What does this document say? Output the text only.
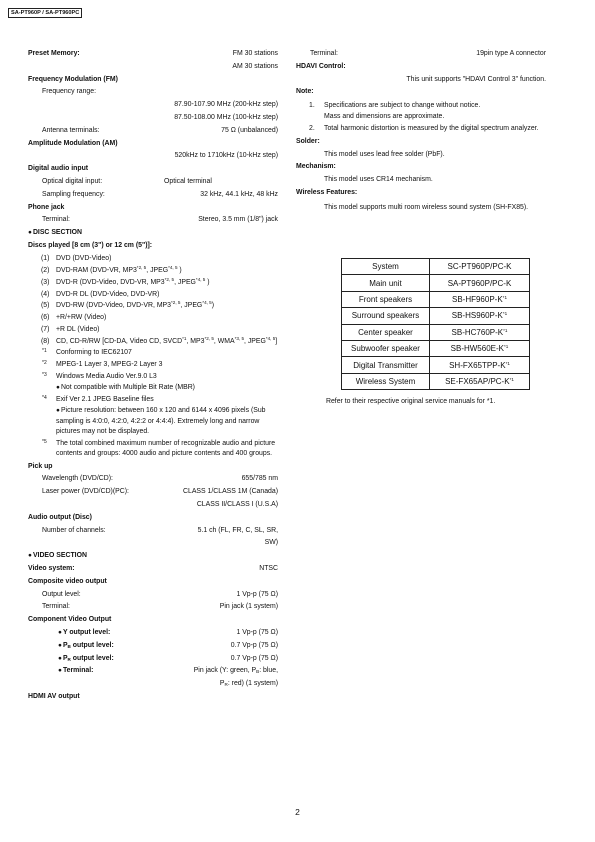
SA-PT960P / SA-PT960PC
Preset Memory:	FM 30 stations
AM 30 stations
Frequency Modulation (FM)
Frequency range:
87.90-107.90 MHz (200-kHz step)
87.50-108.00 MHz (100-kHz step)
Antenna terminals:	75 Ω (unbalanced)
Amplitude Modulation (AM)
520kHz to 1710kHz (10-kHz step)
Digital audio input
Optical digital input:	Optical terminal
Sampling frequency:	32 kHz, 44.1 kHz, 48 kHz
Phone jack
Terminal:	Stereo, 3.5 mm (1/8") jack
● DISC SECTION
Discs played [8 cm (3") or 12 cm (5")]:
(1) DVD (DVD-Video)
(2) DVD-RAM (DVD-VR, MP3$^{*2, 5}$, JPEG$^{*4, 5}$ )
(3) DVD-R (DVD-Video, DVD-VR, MP3$^{*2, 5}$, JPEG$^{*4, 5}$ )
(4) DVD-R DL (DVD-Video, DVD-VR)
(5) DVD-RW (DVD-Video, DVD-VR, MP3$^{*2, 5}$, JPEG$^{*4, 5}$)
(6) +R/+RW (Video)
(7) +R DL (Video)
(8) CD, CD-R/RW [CD-DA, Video CD, SVCD$^{*1}$, MP3$^{*2, 5}$, WMA$^{*3, 5}$, JPEG$^{*4, 5}$]
*1 Conforming to IEC62107
*2 MPEG-1 Layer 3, MPEG-2 Layer 3
*3 Windows Media Audio Ver.9.0 L3
● Not compatible with Multiple Bit Rate (MBR)
*4 Exif Ver 2.1 JPEG Baseline files
● Picture resolution: between 160 x 120 and 6144 x 4096 pixels (Sub sampling is 4:0:0, 4:2:0, 4:2:2 or 4:4:4). Extremely long and narrow pictures may not be displayed.
*5 The total combined maximum number of recognizable audio and picture contents and groups: 4000 audio and picture contents and 400 groups.
Pick up
Wavelength (DVD/CD):	655/785 nm
Laser power (DVD/CD)(PC):	CLASS 1/CLASS 1M (Canada)
CLASS II/CLASS I (U.S.A)
Audio output (Disc)
Number of channels:	5.1 ch (FL, FR, C, SL, SR,
SW)
● VIDEO SECTION
Video system:	NTSC
Composite video output
Output level:	1 Vp-p (75 Ω)
Terminal:	Pin jack (1 system)
Component Video Output
● Y output level:	1 Vp-p (75 Ω)
● $P_B$ output level:	0.7 Vp-p (75 Ω)
● $P_R$ output level:	0.7 Vp-p (75 Ω)
● Terminal:	Pin jack (Y: green, $P_B$: blue,
$P_R$: red) (1 system)
HDMI AV output
Terminal:	19pin type A connector
HDAVI Control:
This unit supports "HDAVI Control 3" function.
Note:
1. Specifications are subject to change without notice.
Mass and dimensions are approximate.
2. Total harmonic distortion is measured by the digital spectrum analyzer.
Solder:
This model uses lead free solder (PbF).
Mechanism:
This model uses CR14 mechanism.
Wireless Features:
This model supports multi room wireless sound system (SH-FX85).
System	SC-PT960P/PC-K
Main unit	SA-PT960P/PC-K
Front speakers	$SB-HF960P-K^{*1}$
Surround speakers	$SB-HS960P-K^{*1}$
Center speaker	$SB-HC760P-K^{*1}$
Subwoofer speaker	$SB-HW560E-K^{*1}$
Digital Transmitter	$SH-FX65TPP-K^{*1}$
Wireless System	$SE-FX65AP/PC-K^{*1}$
Refer to their respective original service manuals for *1.
2
